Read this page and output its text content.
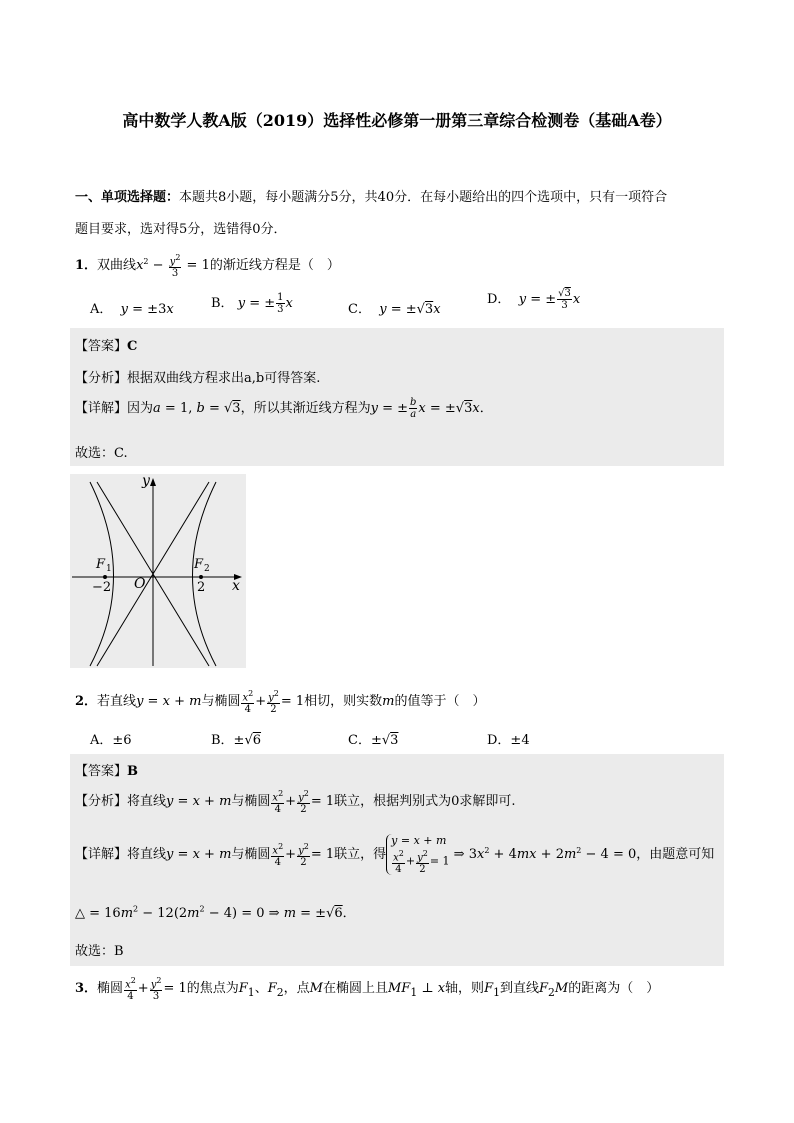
高中数学人教A版（2019）选择性必修第一册第三章综合检测卷（基础A卷）
一、单项选择题：本题共8小题，每小题满分5分，共40分．在每小题给出的四个选项中，只有一项符合
题目要求，选对得5分，选错得0分．
1．双曲线$x^2 - \frac{y^2}{3} = 1$的渐近线方程是（　）
A． y = ±3x	B． y = ± $\frac{1}{3}$ x	C． y = ±√3x
D． y = ± $\frac{√3}{3}$ x
【答案】C
【分析】根据双曲线方程求出a,b可得答案.
【详解】因为a = 1, b = √3，所以其渐近线方程为y = ± $\frac{b}{a}$ x = ±√3x．
故选：C.
y
x
O
F 1	F 2
−2	2
2．若直线y = x + m与椭圆 $\frac{x^2}{4} + \frac{y^2}{2} = 1$相切，则实数m的值等于（　）
A．±6	B．±√6	C．±√3	D．±4
【答案】B
【分析】将直线y = x + m与椭圆 $\frac{x^2}{4} + \frac{y^2}{2} = 1$联立，根据判别式为0求解即可.
【详解】将直线y = x + m与椭圆 $\frac{x^2}{4} + \frac{y^2}{2} = 1$联立，得y = x + m

$\frac{x^2}{4} + \frac{y^2}{2} = 1$ ⇒ $3x^2 + 4mx + 2m^2 - 4 = 0$，由题意可知
△ = $16m^2 - 12(2m^2 - 4) = 0$ ⇒ m = ±√6．
故选：B
3．椭圆 $\frac{x^2}{4} + \frac{y^2}{3} = 1$的焦点为$F_1$、$F_2$，点M在椭圆上且$MF_1$ ⊥ x轴，则$F_1$到直线$F_2M$的距离为（　）
